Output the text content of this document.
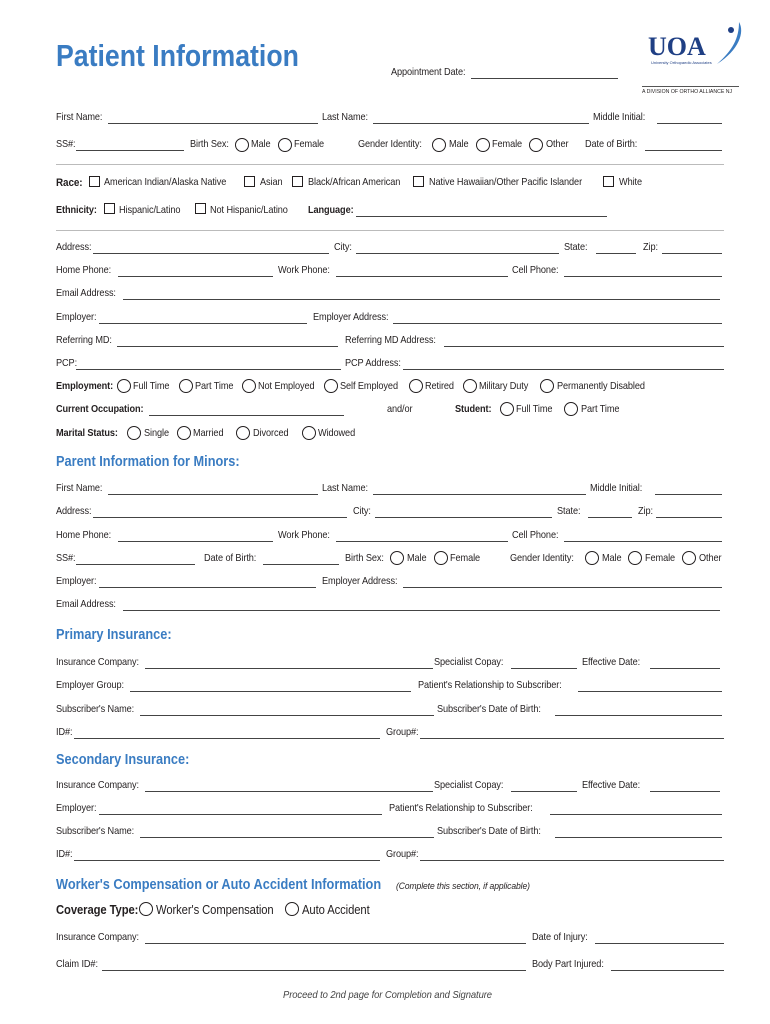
Patient Information	Appointment Date:
UOA
University Orthopaedic Associates
A DIVISION OF ORTHO ALLIANCE NJ
First Name:	Last Name:	Middle Initial:
SS#:	Birth Sex: Male Female	Gender Identity:	Male Female Other Date of Birth:
Race: American Indian/Alaska Native	Asian	Black/African American	Native Hawaiian/Other Pacific Islander	White
Ethnicity: Hispanic/Latino	Not Hispanic/Latino Language:
Address:	City:	State:	Zip:
Home Phone:	Work Phone:	Cell Phone:
Email Address:
Employer:	Employer Address:
Referring MD:	Referring MD Address:
PCP:	PCP Address:
Employment: Full Time	Part Time Not Employed Self Employed	Retired Military Duty	Permanently Disabled
Current Occupation:	and/or	Student: Full Time	Part Time
Marital Status:	Single Married	Divorced	Widowed
Parent Information for Minors:
First Name:	Last Name:	Middle Initial:
Address:	City:	State:	Zip:
Home Phone:	Work Phone:	Cell Phone:
SS#:	Date of Birth:	Birth Sex: Male Female	Gender Identity:	Male Female Other
Employer:	Employer Address:
Email Address:
Primary Insurance:
Insurance Company:	Specialist Copay:	Effective Date:
Employer Group:	Patient's Relationship to Subscriber:
Subscriber's Name:	Subscriber's Date of Birth:
ID#:	Group#:
Secondary Insurance:
Insurance Company:	Specialist Copay:	Effective Date:
Employer:	Patient's Relationship to Subscriber:
Subscriber's Name:	Subscriber's Date of Birth:
ID#:	Group#:
Worker's Compensation or Auto Accident Information (Complete this section, if applicable)
Coverage Type: Worker's Compensation Auto Accident
Insurance Company:	Date of Injury:
Claim ID#:	Body Part Injured:
Proceed to 2nd page for Completion and Signature
